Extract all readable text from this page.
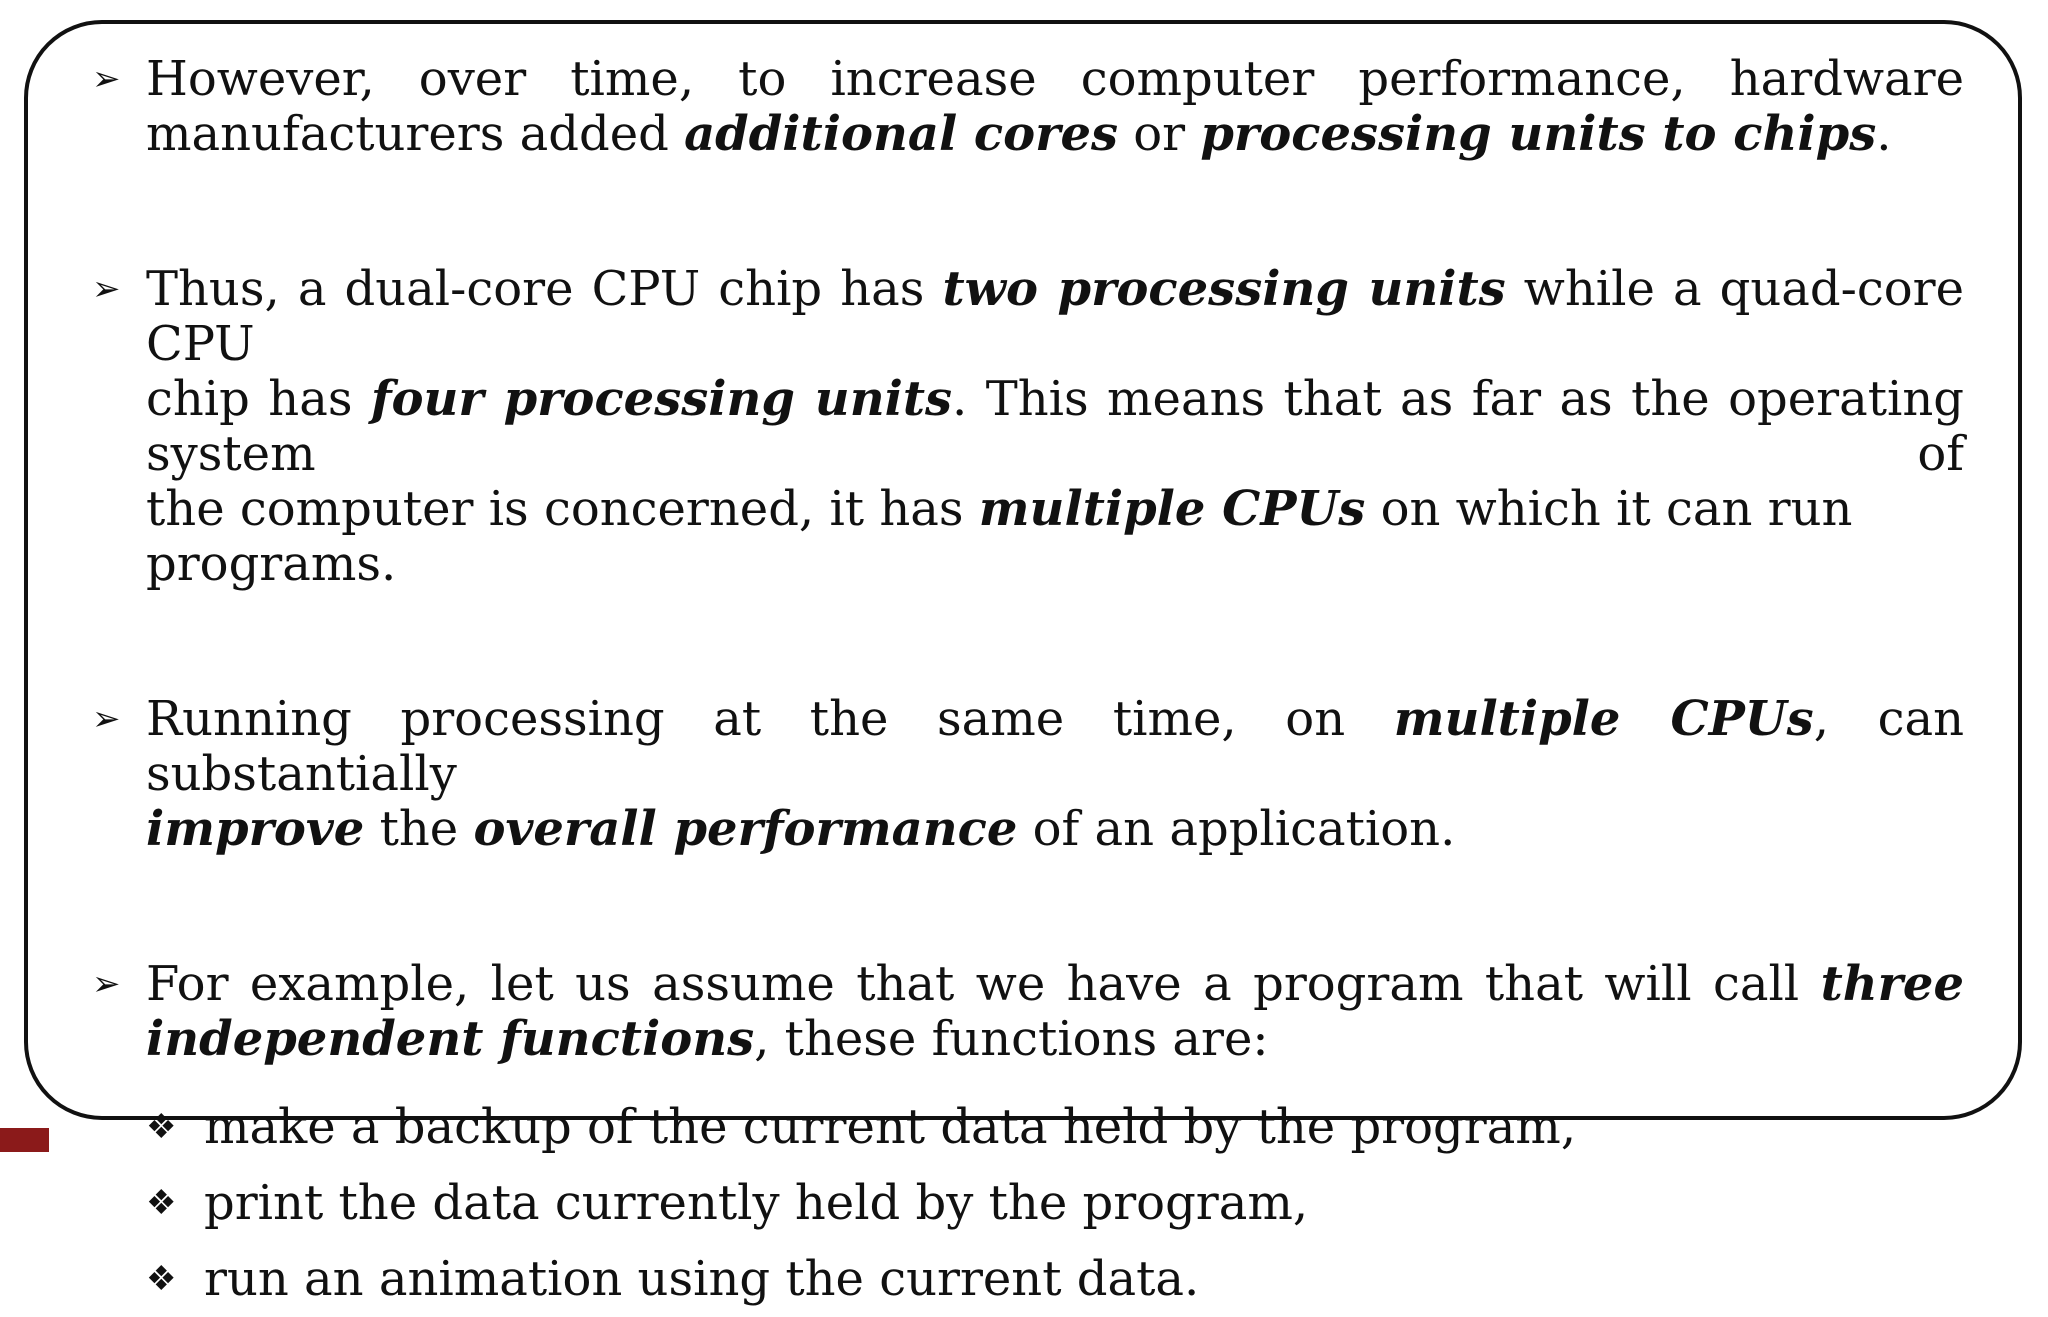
➢ However, over time, to increase computer performance, hardware
manufacturers added additional cores or processing units to chips.
➢ Thus, a dual-core CPU chip has two processing units while a quad-core CPU
chip has four processing units. This means that as far as the operating system of
the computer is concerned, it has multiple CPUs on which it can run programs.
➢ Running processing at the same time, on multiple CPUs, can substantially
improve the overall performance of an application.
➢ For example, let us assume that we have a program that will call three
independent functions, these functions are:
❖ make a backup of the current data held by the program,
❖ print the data currently held by the program,
❖ run an animation using the current data.
